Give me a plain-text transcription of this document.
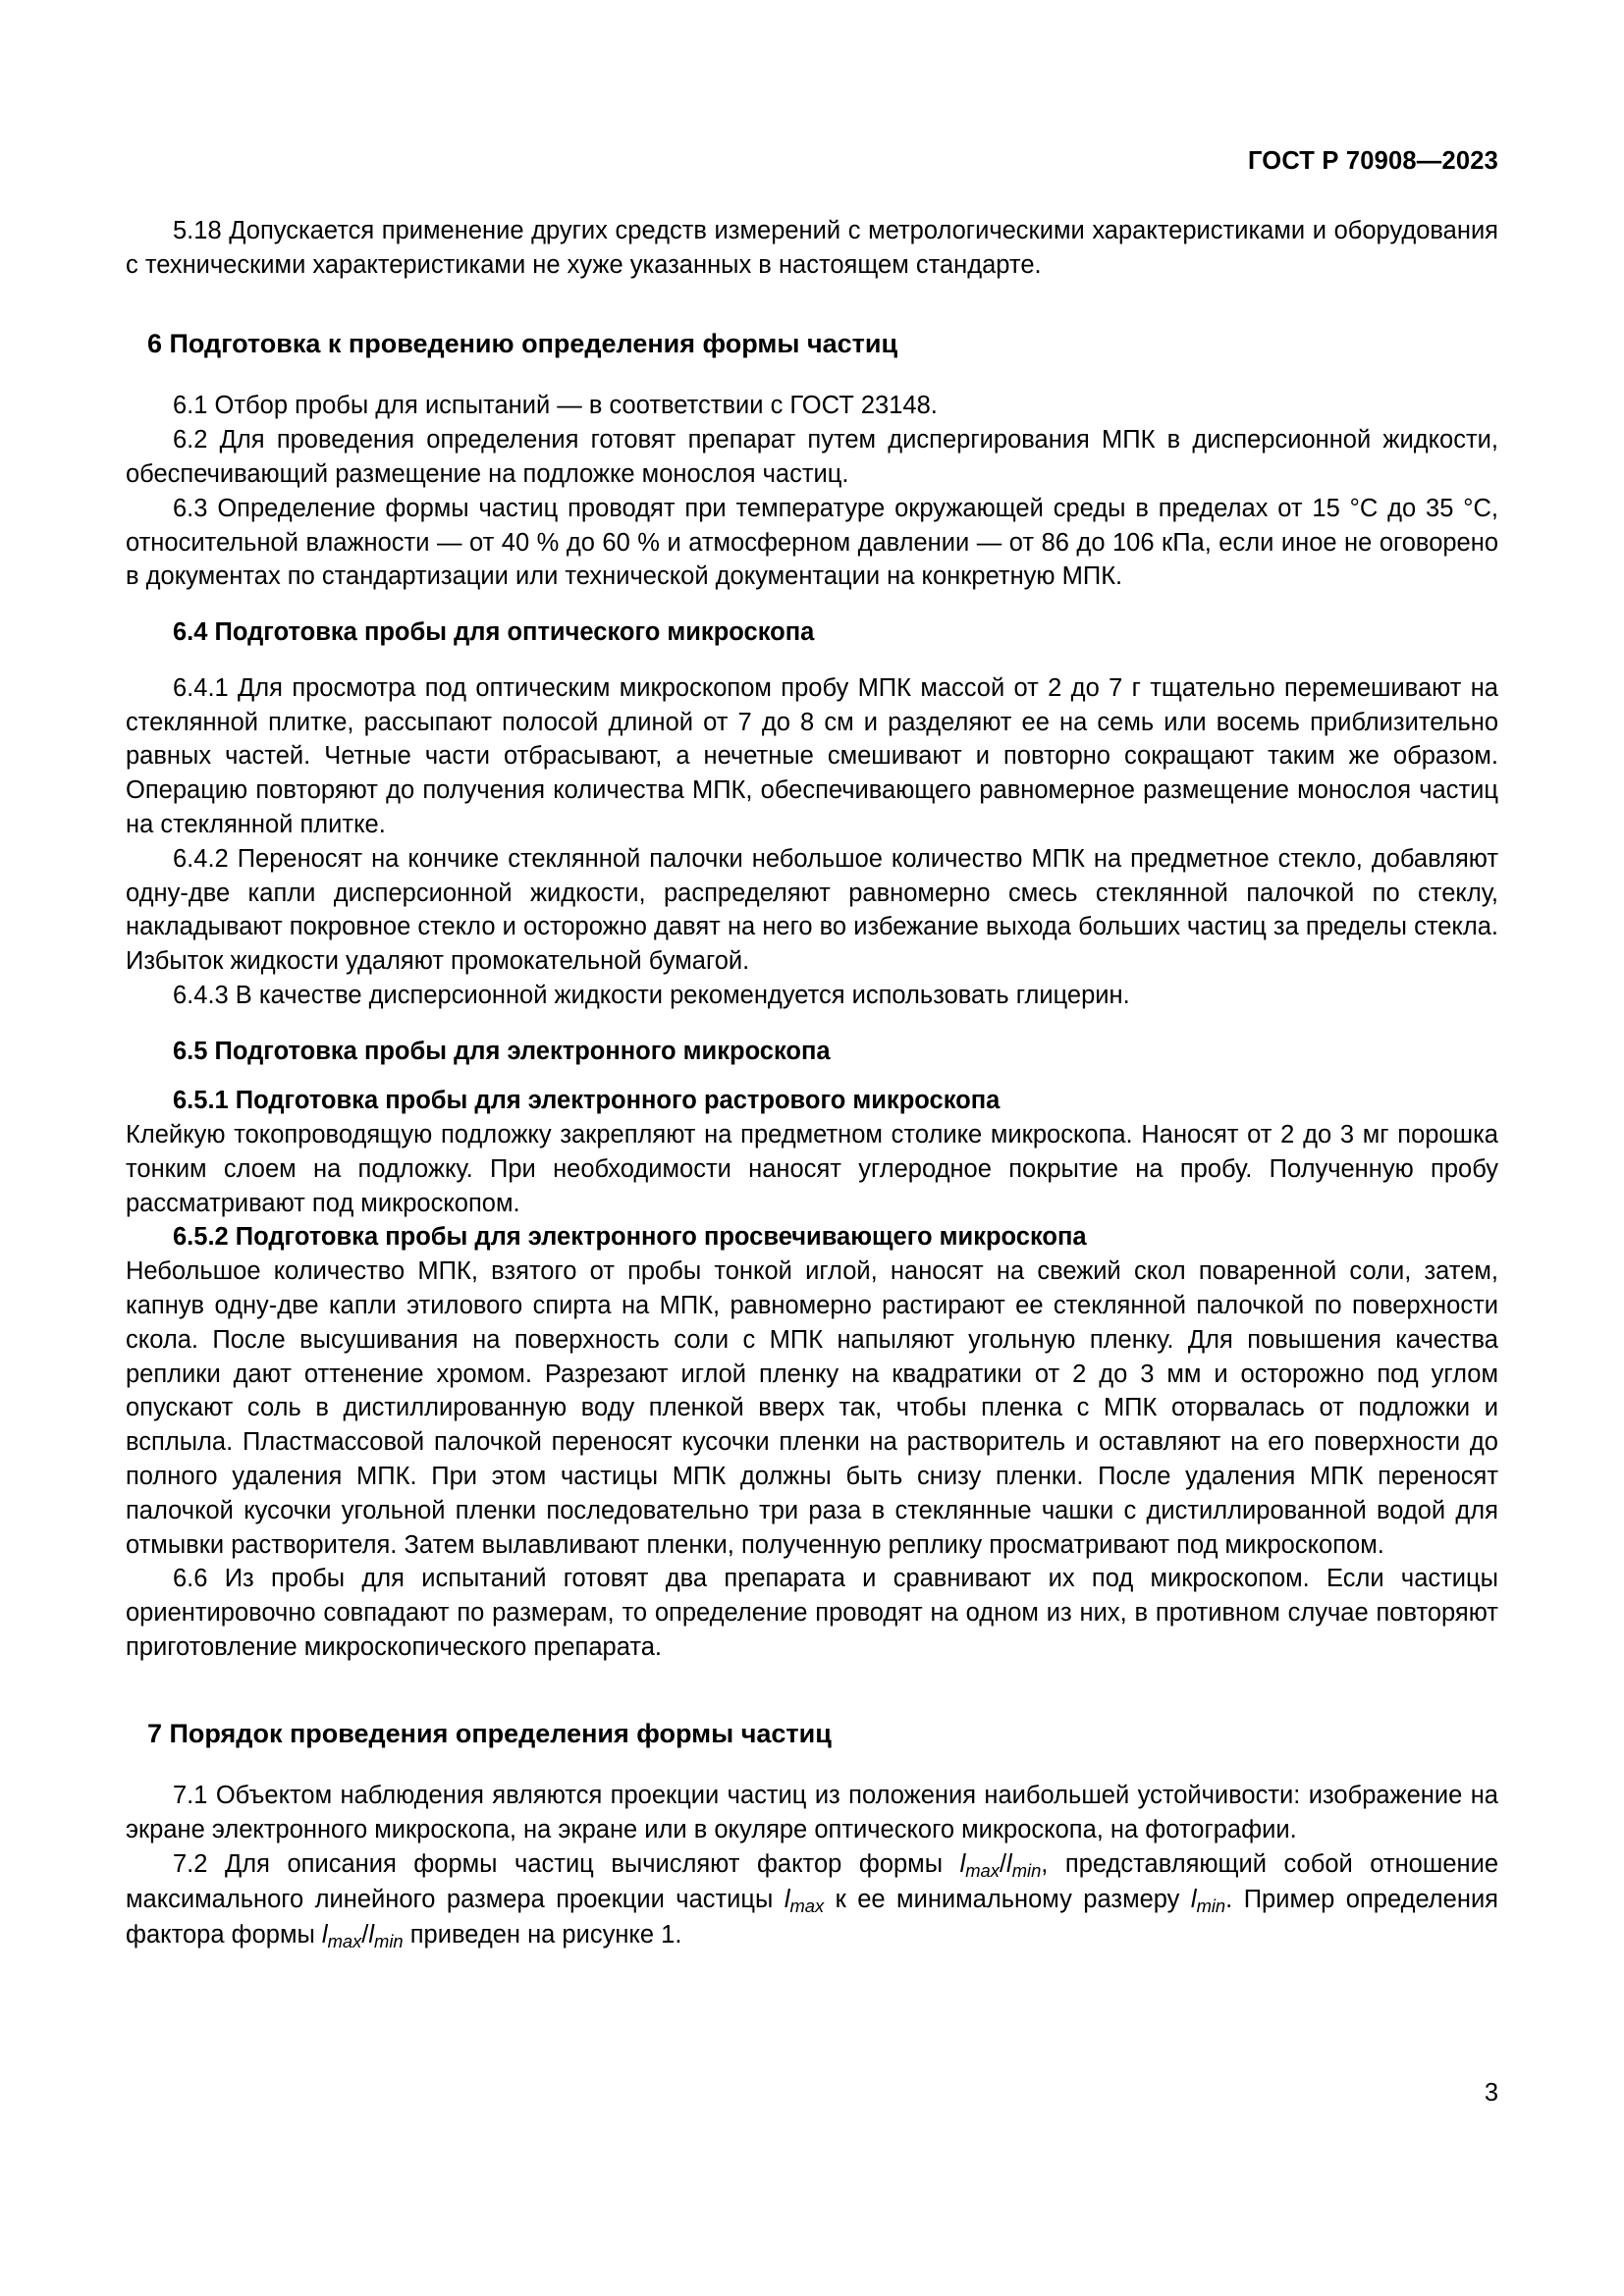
ГОСТ Р 70908—2023

5.18 Допускается применение других средств измерений с метрологическими характеристиками и оборудования с техническими характеристиками не хуже указанных в настоящем стандарте.

6 Подготовка к проведению определения формы частиц

6.1 Отбор пробы для испытаний — в соответствии с ГОСТ 23148.

6.2 Для проведения определения готовят препарат путем диспергирования МПК в дисперсионной жидкости, обеспечивающий размещение на подложке монослоя частиц.

6.3 Определение формы частиц проводят при температуре окружающей среды в пределах от 15 °C до 35 °C, относительной влажности — от 40 % до 60 % и атмосферном давлении — от 86 до 106 кПа, если иное не оговорено в документах по стандартизации или технической документации на конкретную МПК.

6.4 Подготовка пробы для оптического микроскопа

6.4.1 Для просмотра под оптическим микроскопом пробу МПК массой от 2 до 7 г тщательно перемешивают на стеклянной плитке, рассыпают полосой длиной от 7 до 8 см и разделяют ее на семь или восемь приблизительно равных частей. Четные части отбрасывают, а нечетные смешивают и повторно сокращают таким же образом. Операцию повторяют до получения количества МПК, обеспечивающего равномерное размещение монослоя частиц на стеклянной плитке.

6.4.2 Переносят на кончике стеклянной палочки небольшое количество МПК на предметное стекло, добавляют одну-две капли дисперсионной жидкости, распределяют равномерно смесь стеклянной палочкой по стеклу, накладывают покровное стекло и осторожно давят на него во избежание выхода больших частиц за пределы стекла. Избыток жидкости удаляют промокательной бумагой.

6.4.3 В качестве дисперсионной жидкости рекомендуется использовать глицерин.

6.5 Подготовка пробы для электронного микроскопа
6.5.1 Подготовка пробы для электронного растрового микроскопа

Клейкую токопроводящую подложку закрепляют на предметном столике микроскопа. Наносят от 2 до 3 мг порошка тонким слоем на подложку. При необходимости наносят углеродное покрытие на пробу. Полученную пробу рассматривают под микроскопом.

6.5.2 Подготовка пробы для электронного просвечивающего микроскопа

Небольшое количество МПК, взятого от пробы тонкой иглой, наносят на свежий скол поваренной соли, затем, капнув одну-две капли этилового спирта на МПК, равномерно растирают ее стеклянной палочкой по поверхности скола. После высушивания на поверхность соли с МПК напыляют угольную пленку. Для повышения качества реплики дают оттенение хромом. Разрезают иглой пленку на квадратики от 2 до 3 мм и осторожно под углом опускают соль в дистиллированную воду пленкой вверх так, чтобы пленка с МПК оторвалась от подложки и всплыла. Пластмассовой палочкой переносят кусочки пленки на растворитель и оставляют на его поверхности до полного удаления МПК. При этом частицы МПК должны быть снизу пленки. После удаления МПК переносят палочкой кусочки угольной пленки последовательно три раза в стеклянные чашки с дистиллированной водой для отмывки растворителя. Затем вылавливают пленки, полученную реплику просматривают под микроскопом.

6.6 Из пробы для испытаний готовят два препарата и сравнивают их под микроскопом. Если частицы ориентировочно совпадают по размерам, то определение проводят на одном из них, в противном случае повторяют приготовление микроскопического препарата.

7 Порядок проведения определения формы частиц

7.1 Объектом наблюдения являются проекции частиц из положения наибольшей устойчивости: изображение на экране электронного микроскопа, на экране или в окуляре оптического микроскопа, на фотографии.

7.2 Для описания формы частиц вычисляют фактор формы $l_{max}/l_{min}$, представляющий собой отношение максимального линейного размера проекции частицы $l_{max}$ к ее минимальному размеру $l_{min}$. Пример определения фактора формы $l_{max}/l_{min}$ приведен на рисунке 1.

3
